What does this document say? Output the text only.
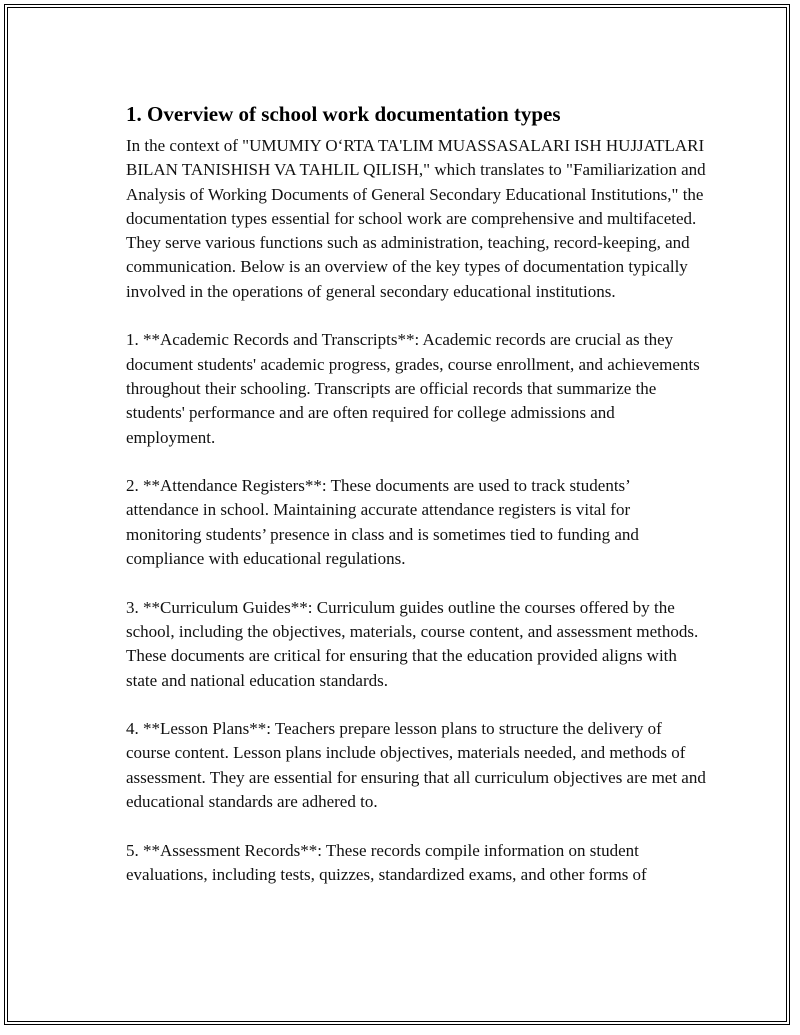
1. Overview of school work documentation types

In the context of "UMUMIY O‘RTA TA'LIM MUASSASALARI ISH HUJJATLARI BILAN TANISHISH VA TAHLIL QILISH," which translates to "Familiarization and Analysis of Working Documents of General Secondary Educational Institutions," the documentation types essential for school work are comprehensive and multifaceted. They serve various functions such as administration, teaching, record-keeping, and communication. Below is an overview of the key types of documentation typically involved in the operations of general secondary educational institutions.

1. **Academic Records and Transcripts**: Academic records are crucial as they document students' academic progress, grades, course enrollment, and achievements throughout their schooling. Transcripts are official records that summarize the students' performance and are often required for college admissions and employment.

2. **Attendance Registers**: These documents are used to track students’ attendance in school. Maintaining accurate attendance registers is vital for monitoring students’ presence in class and is sometimes tied to funding and compliance with educational regulations.

3. **Curriculum Guides**: Curriculum guides outline the courses offered by the school, including the objectives, materials, course content, and assessment methods. These documents are critical for ensuring that the education provided aligns with state and national education standards.

4. **Lesson Plans**: Teachers prepare lesson plans to structure the delivery of course content. Lesson plans include objectives, materials needed, and methods of assessment. They are essential for ensuring that all curriculum objectives are met and educational standards are adhered to.

5. **Assessment Records**: These records compile information on student evaluations, including tests, quizzes, standardized exams, and other forms of
